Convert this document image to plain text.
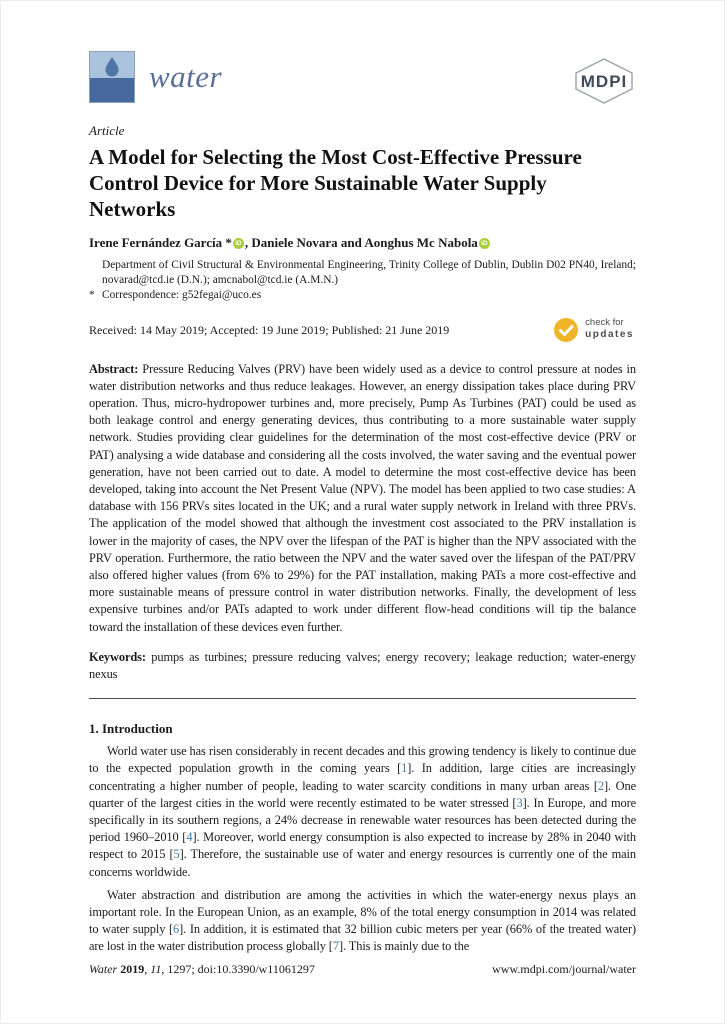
water	MDPI
Article
A Model for Selecting the Most Cost-Effective Pressure Control Device for More Sustainable Water Supply Networks
Irene Fernández García * iD , Daniele Novara and Aonghus Mc Nabola iD
Department of Civil Structural & Environmental Engineering, Trinity College of Dublin, Dublin D02 PN40, Ireland; novarad@tcd.ie (D.N.); amcnabol@tcd.ie (A.M.N.)
* Correspondence: g52fegai@uco.es
Received: 14 May 2019; Accepted: 19 June 2019; Published: 21 June 2019	check for
updates

Abstract: Pressure Reducing Valves (PRV) have been widely used as a device to control pressure at nodes in water distribution networks and thus reduce leakages. However, an energy dissipation takes place during PRV operation. Thus, micro-hydropower turbines and, more precisely, Pump As Turbines (PAT) could be used as both leakage control and energy generating devices, thus contributing to a more sustainable water supply network. Studies providing clear guidelines for the determination of the most cost-effective device (PRV or PAT) analysing a wide database and considering all the costs involved, the water saving and the eventual power generation, have not been carried out to date. A model to determine the most cost-effective device has been developed, taking into account the Net Present Value (NPV). The model has been applied to two case studies: A database with 156 PRVs sites located in the UK; and a rural water supply network in Ireland with three PRVs. The application of the model showed that although the investment cost associated to the PRV installation is lower in the majority of cases, the NPV over the lifespan of the PAT is higher than the NPV associated with the PRV operation. Furthermore, the ratio between the NPV and the water saved over the lifespan of the PAT/PRV also offered higher values (from 6% to 29%) for the PAT installation, making PATs a more cost-effective and more sustainable means of pressure control in water distribution networks. Finally, the development of less expensive turbines and/or PATs adapted to work under different flow-head conditions will tip the balance toward the installation of these devices even further.

Keywords: pumps as turbines; pressure reducing valves; energy recovery; leakage reduction; water-energy nexus

1. Introduction

World water use has risen considerably in recent decades and this growing tendency is likely to continue due to the expected population growth in the coming years [1]. In addition, large cities are increasingly concentrating a higher number of people, leading to water scarcity conditions in many urban areas [2]. One quarter of the largest cities in the world were recently estimated to be water stressed [3]. In Europe, and more specifically in its southern regions, a 24% decrease in renewable water resources has been detected during the period 1960–2010 [4]. Moreover, world energy consumption is also expected to increase by 28% in 2040 with respect to 2015 [5]. Therefore, the sustainable use of water and energy resources is currently one of the main concerns worldwide.

Water abstraction and distribution are among the activities in which the water-energy nexus plays an important role. In the European Union, as an example, 8% of the total energy consumption in 2014 was related to water supply [6]. In addition, it is estimated that 32 billion cubic meters per year (66% of the treated water) are lost in the water distribution process globally [7]. This is mainly due to the

Water 2019, 11, 1297; doi:10.3390/w11061297	www.mdpi.com/journal/water
